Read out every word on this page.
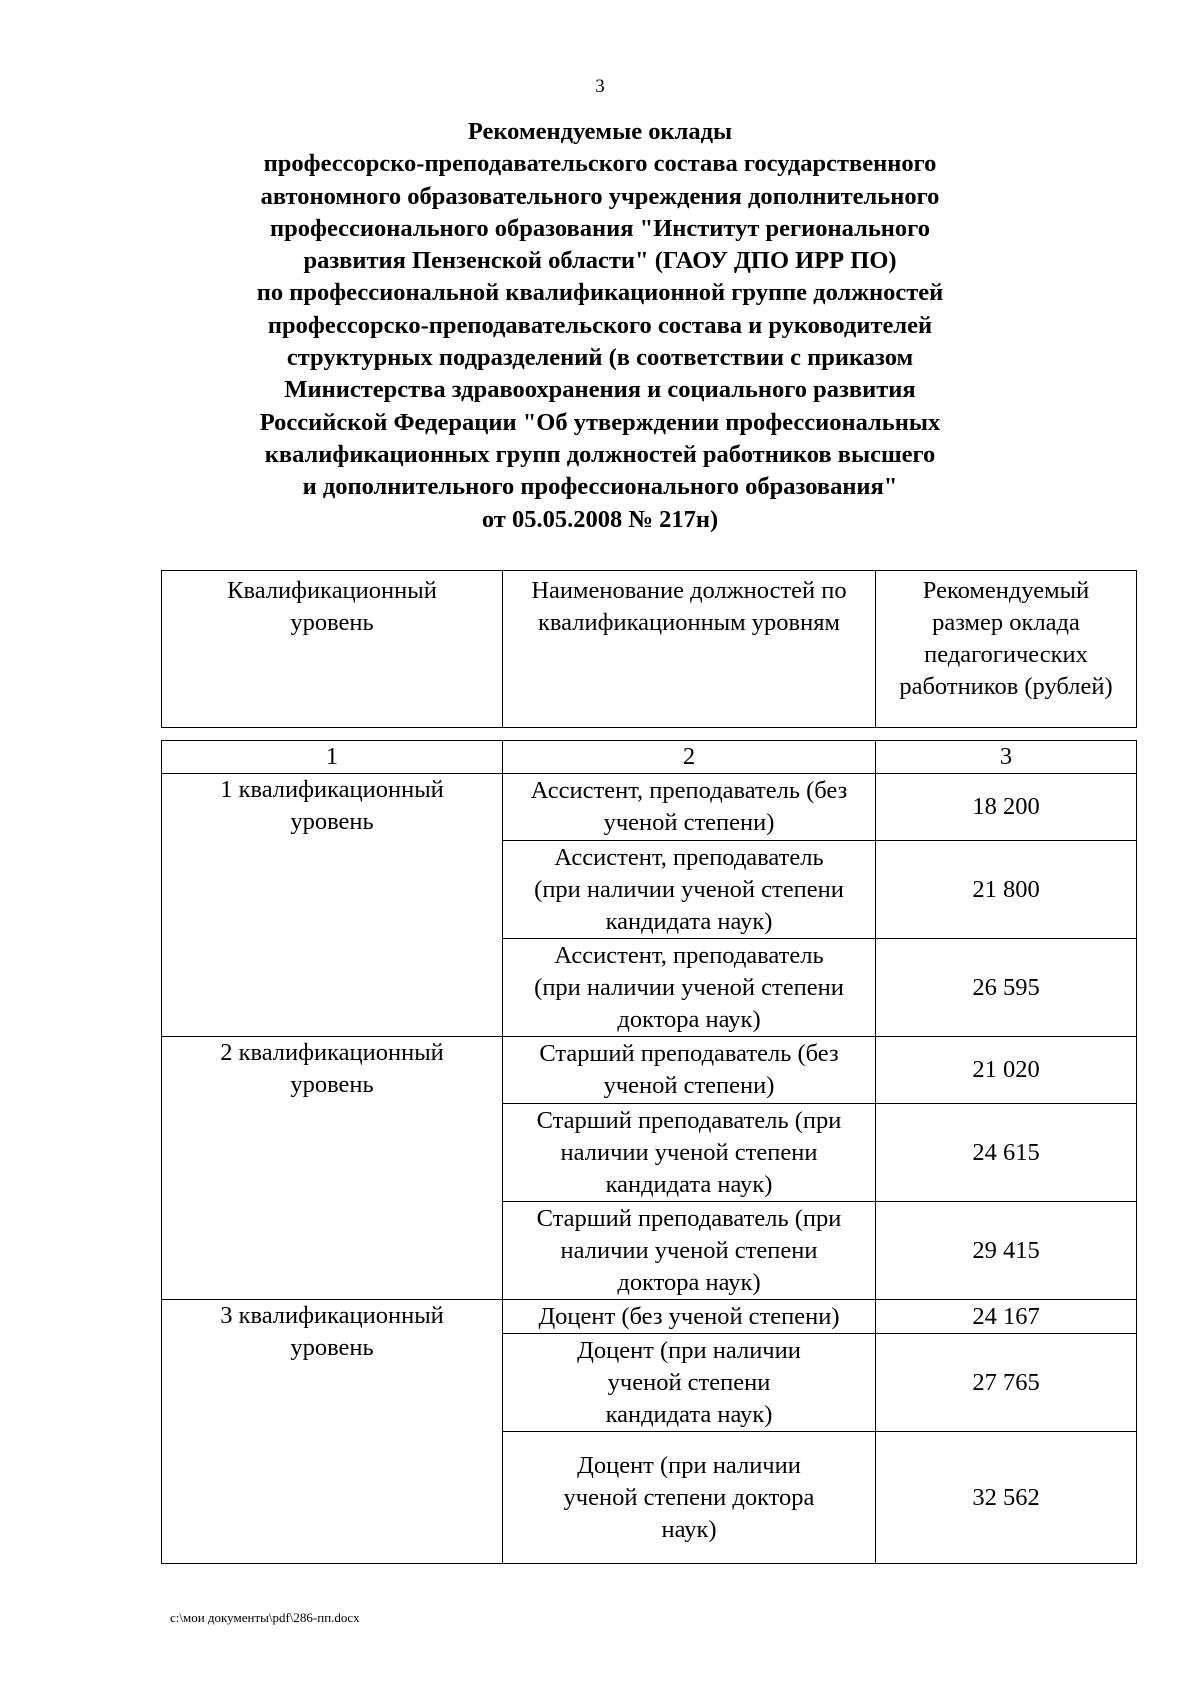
3
Рекомендуемые оклады
профессорско-преподавательского состава государственного
автономного образовательного учреждения дополнительного
профессионального образования "Институт регионального
развития Пензенской области" (ГАОУ ДПО ИРР ПО)
по профессиональной квалификационной группе должностей
профессорско-преподавательского состава и руководителей
структурных подразделений (в соответствии с приказом
Министерства здравоохранения и социального развития
Российской Федерации "Об утверждении профессиональных
квалификационных групп должностей работников высшего
и дополнительного профессионального образования"
от 05.05.2008 № 217н)
Квалификационный уровень	Наименование должностей по квалификационным уровням	Рекомендуемый размер оклада педагогических работников (рублей)
1	2	3
1 квалификационный уровень	Ассистент, преподаватель (без ученой степени)	18 200
	Ассистент, преподаватель (при наличии ученой степени кандидата наук)	21 800
	Ассистент, преподаватель (при наличии ученой степени доктора наук)	26 595
2 квалификационный уровень	Старший преподаватель (без ученой степени)	21 020
	Старший преподаватель (при наличии ученой степени кандидата наук)	24 615
	Старший преподаватель (при наличии ученой степени доктора наук)	29 415
3 квалификационный уровень	Доцент (без ученой степени)	24 167
	Доцент (при наличии ученой степени кандидата наук)	27 765
	Доцент (при наличии ученой степени доктора наук)	32 562
c:\мои документы\pdf\286-пп.docx
